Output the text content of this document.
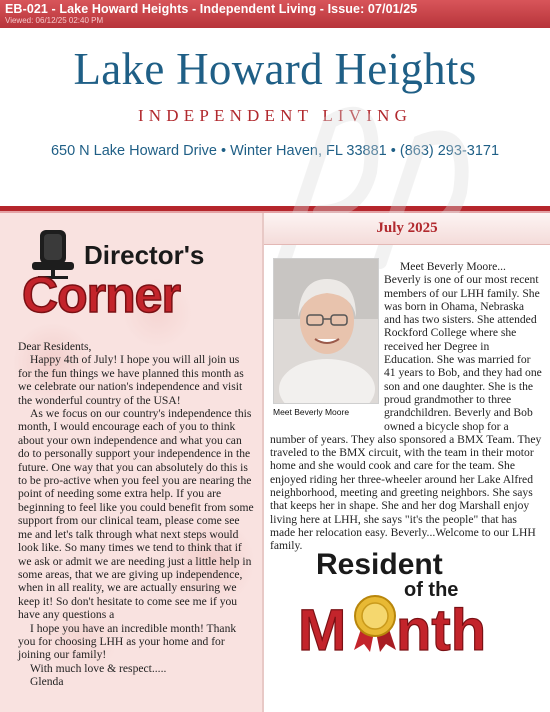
EB-021 - Lake Howard Heights - Independent Living - Issue: 07/01/25
Viewed: 06/12/25 02:40 PM
Lake Howard Heights
INDEPENDENT LIVING
650 N Lake Howard Drive • Winter Haven, FL 33881 • (863) 293-3171
Director's
Corner

Dear Residents,

Happy 4th of July! I hope you will all join us for the fun things we have planned this month as we celebrate our nation's independence and visit the wonderful country of the USA!

As we focus on our country's independence this month, I would encourage each of you to think about your own independence and what you can do to personally support your independence in the future. One way that you can absolutely do this is to be pro-active when you feel you are nearing the point of needing some extra help. If you are beginning to feel like you could benefit from some support from our clinical team, please come see me and let's talk through what next steps would look like. So many times we tend to think that if we ask or admit we are needing just a little help in some areas, that we are giving up independence, when in all reality, we are actually ensuring we keep it! So don't hesitate to come see me if you have any questions a

I hope you have an incredible month! Thank you for choosing LHH as your home and for joining our family!

With much love & respect.....

Glenda

July 2025
Meet Beverly Moore

Meet Beverly Moore... Beverly is one of our most recent members of our LHH family. She was born in Ohama, Nebraska and has two sisters. She attended Rockford College where she received her Degree in Education. She was married for 41 years to Bob, and they had one son and one daughter. She is the proud grandmother to three grandchildren. Beverly and Bob owned a bicycle shop for a number of years. They also sponsored a BMX Team. They traveled to the BMX circuit, with the team in their motor home and she would cook and care for the team. She enjoyed riding her three-wheeler around her Lake Alfred neighborhood, meeting and greeting neighbors. She says that keeps her in shape. She and her dog Marshall enjoy living here at LHH, she says "it's the people" that has made her relocation easy. Beverly...Welcome to our LHH family.

Resident
of the
M nth
